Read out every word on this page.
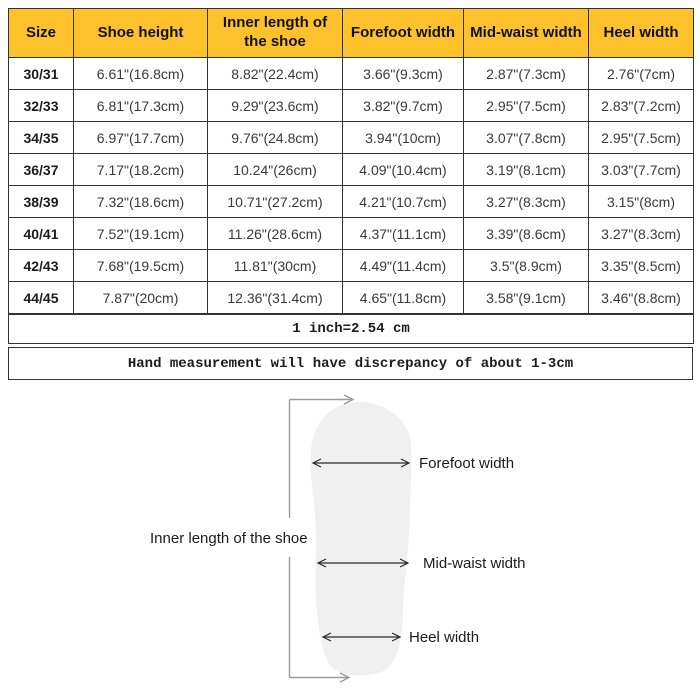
Size	Shoe height	Inner length of the shoe	Forefoot width	Mid-waist width	Heel width
30/31	6.61"(16.8cm)	8.82"(22.4cm)	3.66"(9.3cm)	2.87"(7.3cm)	2.76"(7cm)
32/33	6.81"(17.3cm)	9.29"(23.6cm)	3.82"(9.7cm)	2.95"(7.5cm)	2.83"(7.2cm)
34/35	6.97"(17.7cm)	9.76"(24.8cm)	3.94"(10cm)	3.07"(7.8cm)	2.95"(7.5cm)
36/37	7.17"(18.2cm)	10.24"(26cm)	4.09"(10.4cm)	3.19"(8.1cm)	3.03"(7.7cm)
38/39	7.32"(18.6cm)	10.71"(27.2cm)	4.21"(10.7cm)	3.27"(8.3cm)	3.15"(8cm)
40/41	7.52"(19.1cm)	11.26"(28.6cm)	4.37"(11.1cm)	3.39"(8.6cm)	3.27"(8.3cm)
42/43	7.68"(19.5cm)	11.81"(30cm)	4.49"(11.4cm)	3.5"(8.9cm)	3.35"(8.5cm)
44/45	7.87"(20cm)	12.36"(31.4cm)	4.65"(11.8cm)	3.58"(9.1cm)	3.46"(8.8cm)
1 inch=2.54 cm					
Hand measurement will have discrepancy of about 1-3cm
Inner length of the shoe
Forefoot width
Mid-waist width
Heel width
